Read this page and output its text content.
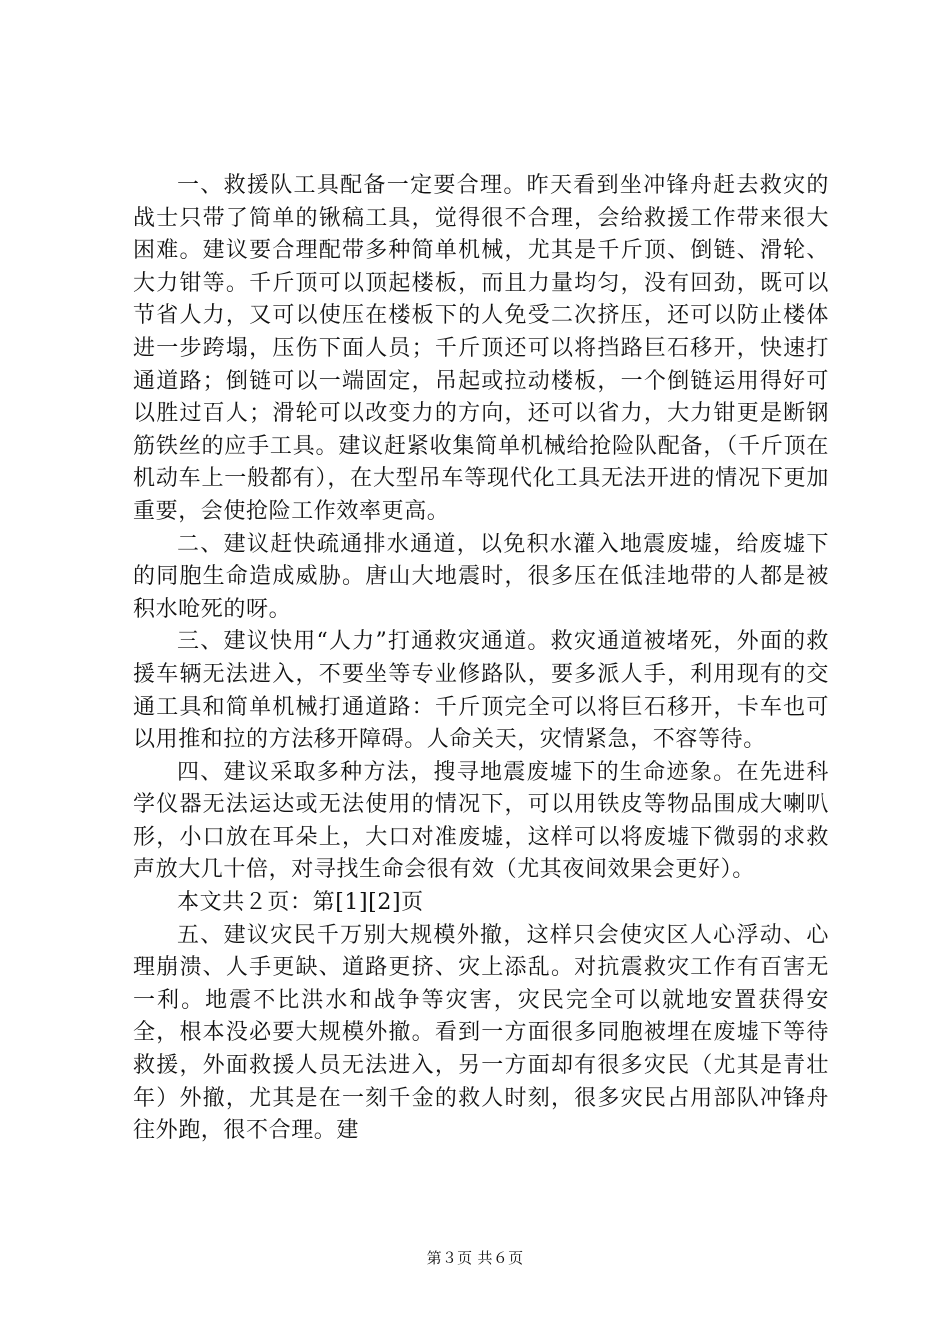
一、救援队工具配备一定要合理。昨天看到坐冲锋舟赶去救灾的战士只带了简单的锹稿工具，觉得很不合理，会给救援工作带来很大困难。建议要合理配带多种简单机械，尤其是千斤顶、倒链、滑轮、大力钳等。千斤顶可以顶起楼板，而且力量均匀，没有回劲，既可以节省人力，又可以使压在楼板下的人免受二次挤压，还可以防止楼体进一步跨塌，压伤下面人员；千斤顶还可以将挡路巨石移开，快速打通道路；倒链可以一端固定，吊起或拉动楼板，一个倒链运用得好可以胜过百人；滑轮可以改变力的方向，还可以省力，大力钳更是断钢筋铁丝的应手工具。建议赶紧收集简单机械给抢险队配备，（千斤顶在机动车上一般都有），在大型吊车等现代化工具无法开进的情况下更加重要，会使抢险工作效率更高。

二、建议赶快疏通排水通道，以免积水灌入地震废墟，给废墟下的同胞生命造成威胁。唐山大地震时，很多压在低洼地带的人都是被积水呛死的呀。

三、建议快用“人力”打通救灾通道。救灾通道被堵死，外面的救援车辆无法进入，不要坐等专业修路队，要多派人手，利用现有的交通工具和简单机械打通道路：千斤顶完全可以将巨石移开，卡车也可以用推和拉的方法移开障碍。人命关天，灾情紧急，不容等待。

四、建议采取多种方法，搜寻地震废墟下的生命迹象。在先进科学仪器无法运达或无法使用的情况下，可以用铁皮等物品围成大喇叭形，小口放在耳朵上，大口对准废墟，这样可以将废墟下微弱的求救声放大几十倍，对寻找生命会很有效（尤其夜间效果会更好）。

本文共２页：第[1][2]页

五、建议灾民千万别大规模外撤，这样只会使灾区人心浮动、心理崩溃、人手更缺、道路更挤、灾上添乱。对抗震救灾工作有百害无一利。地震不比洪水和战争等灾害，灾民完全可以就地安置获得安全，根本没必要大规模外撤。看到一方面很多同胞被埋在废墟下等待救援，外面救援人员无法进入，另一方面却有很多灾民（尤其是青壮年）外撤，尤其是在一刻千金的救人时刻，很多灾民占用部队冲锋舟往外跑，很不合理。建

第３页 共６页
